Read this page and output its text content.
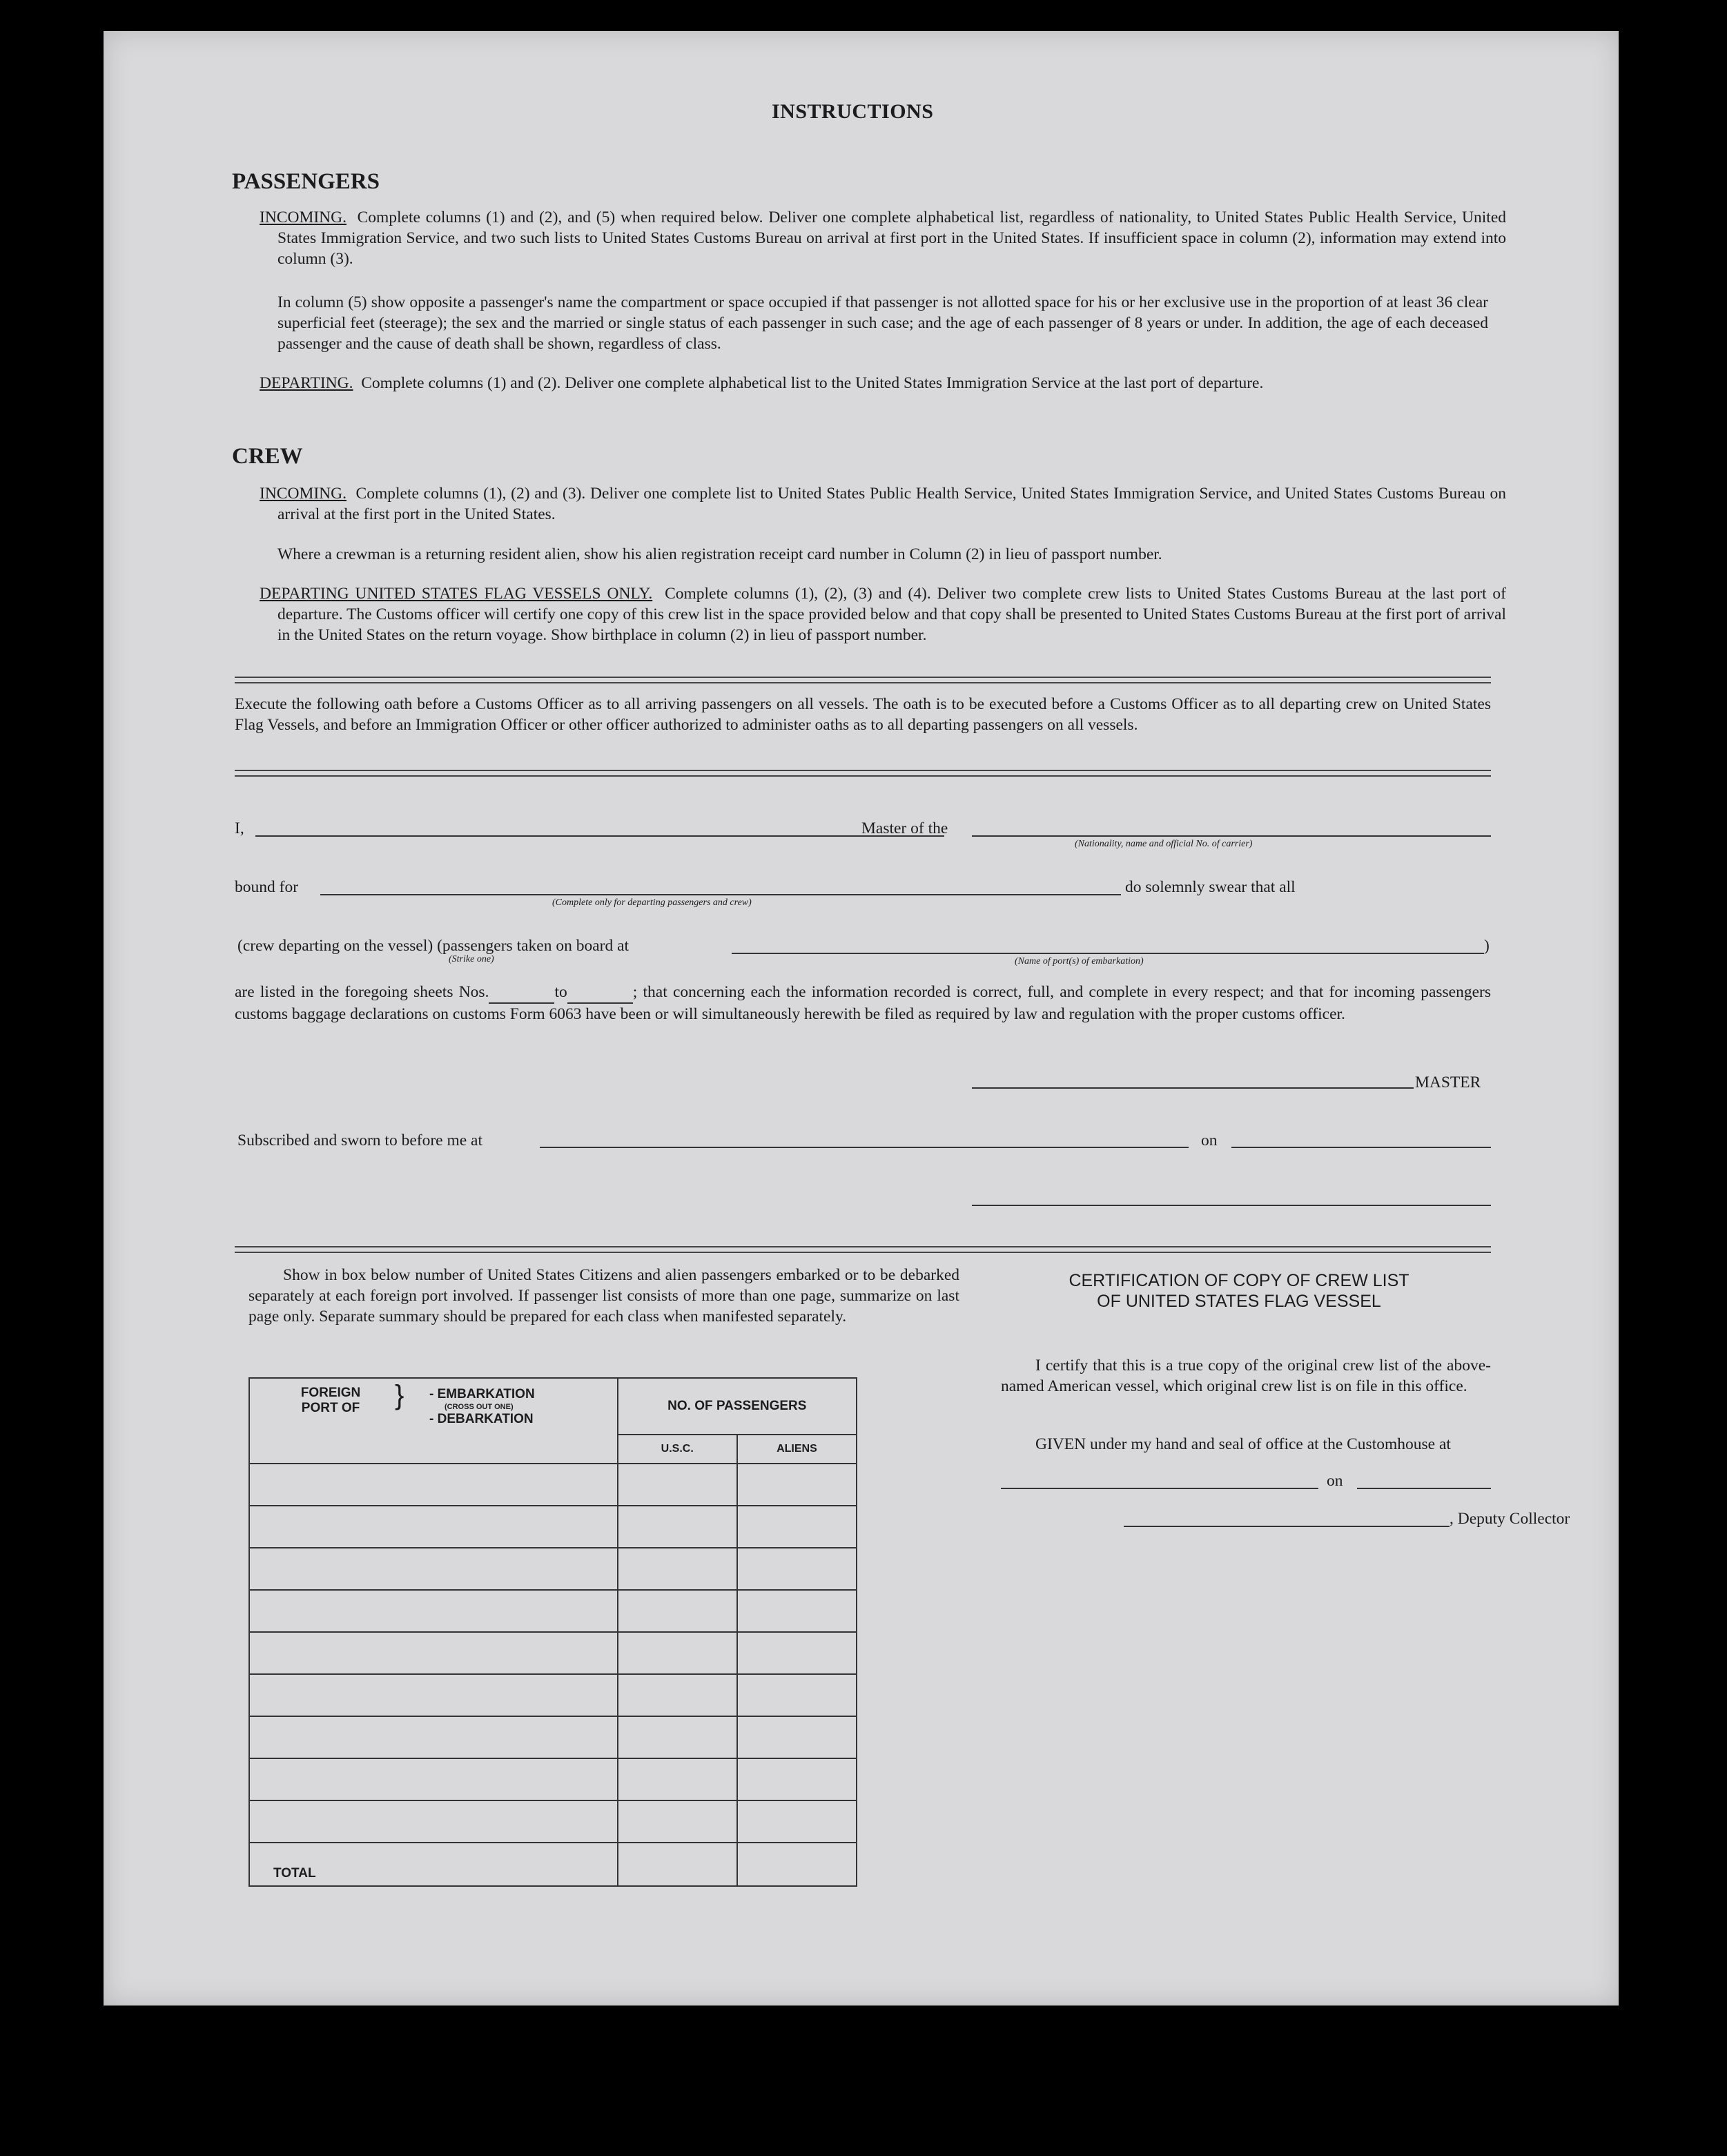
INSTRUCTIONS
PASSENGERS
INCOMING. Complete columns (1) and (2), and (5) when required below. Deliver one complete alphabetical list, regardless of nationality, to United States Public Health Service, United States Immigration Service, and two such lists to United States Customs Bureau on arrival at first port in the United States. If insufficient space in column (2), information may extend into column (3).
In column (5) show opposite a passenger's name the compartment or space occupied if that passenger is not allotted space for his or her exclusive use in the proportion of at least 36 clear superficial feet (steerage); the sex and the married or single status of each passenger in such case; and the age of each passenger of 8 years or under. In addition, the age of each deceased passenger and the cause of death shall be shown, regardless of class.
DEPARTING. Complete columns (1) and (2). Deliver one complete alphabetical list to the United States Immigration Service at the last port of departure.
CREW
INCOMING. Complete columns (1), (2) and (3). Deliver one complete list to United States Public Health Service, United States Immigration Service, and United States Customs Bureau on arrival at the first port in the United States.
Where a crewman is a returning resident alien, show his alien registration receipt card number in Column (2) in lieu of passport number.
DEPARTING UNITED STATES FLAG VESSELS ONLY. Complete columns (1), (2), (3) and (4). Deliver two complete crew lists to United States Customs Bureau at the last port of departure. The Customs officer will certify one copy of this crew list in the space provided below and that copy shall be presented to United States Customs Bureau at the first port of arrival in the United States on the return voyage. Show birthplace in column (2) in lieu of passport number.
Execute the following oath before a Customs Officer as to all arriving passengers on all vessels. The oath is to be executed before a Customs Officer as to all departing crew on United States Flag Vessels, and before an Immigration Officer or other officer authorized to administer oaths as to all departing passengers on all vessels.
I,	Master of the
(Nationality, name and official No. of carrier)
bound for
(Complete only for departing passengers and crew)
do solemnly swear that all
(crew departing on the vessel) (passengers taken on board at
(Strike one)	(Name of port(s) of embarkation)
)
are listed in the foregoing sheets Nos.	to	; that concerning each the information recorded is correct, full, and complete in every respect; and that for incoming passengers customs baggage declarations on customs Form 6063 have been or will simultaneously herewith be filed as required by law and regulation with the proper customs officer.
MASTER
Subscribed and sworn to before me at	on
Show in box below number of United States Citizens and alien passengers embarked or to be debarked separately at each foreign port involved. If passenger list consists of more than one page, summarize on last page only. Separate summary should be prepared for each class when manifested separately.
FOREIGN PORT OF } - EMBARKATION
(CROSS OUT ONE)
- DEBARKATION	NO. OF PASSENGERS	
	U.S.C.	ALIENS

TOTAL		
CERTIFICATION OF COPY OF CREW LIST
OF UNITED STATES FLAG VESSEL
I certify that this is a true copy of the original crew list of the above-named American vessel, which original crew list is on file in this office.
GIVEN under my hand and seal of office at the Customhouse at
on
, Deputy Collector
